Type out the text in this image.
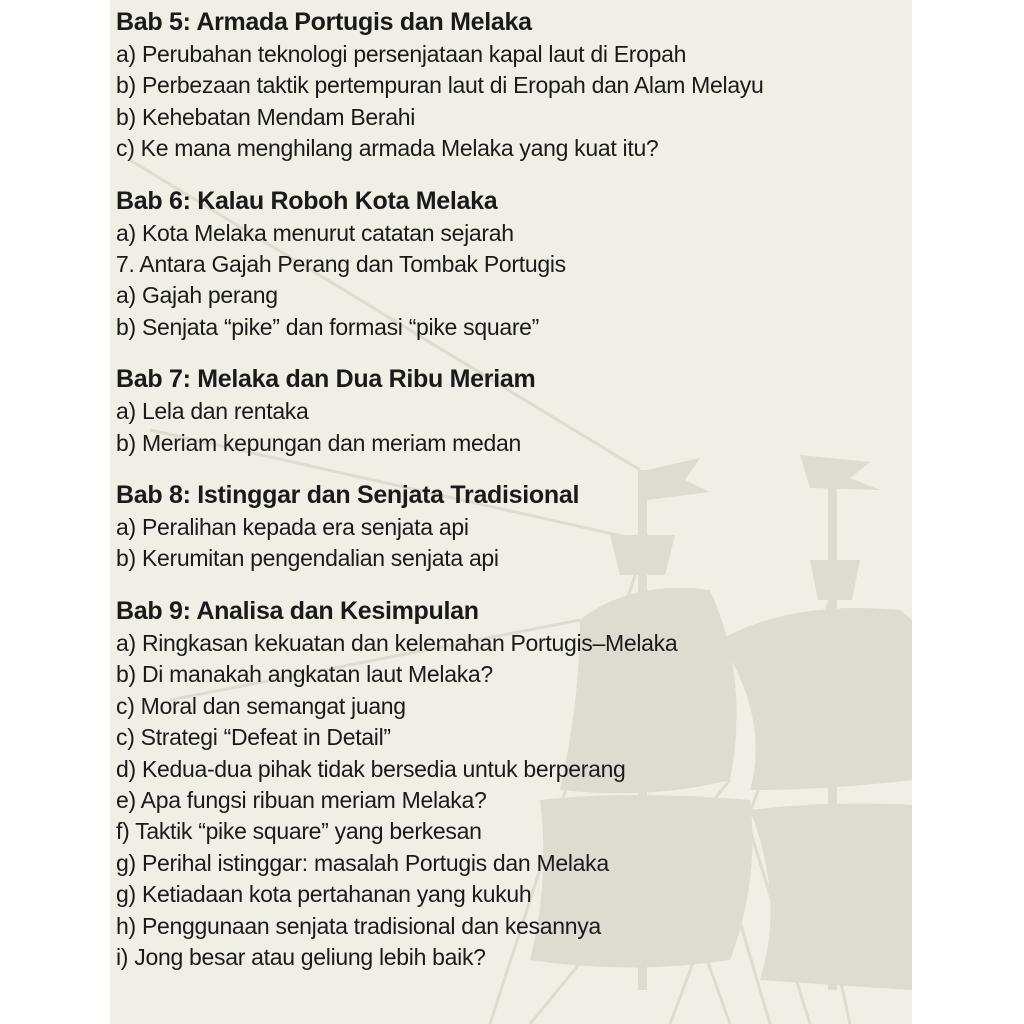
Bab 5: Armada Portugis dan Melaka
a) Perubahan teknologi persenjataan kapal laut di Eropah
b) Perbezaan taktik pertempuran laut di Eropah dan Alam Melayu
b) Kehebatan Mendam Berahi
c) Ke mana menghilang armada Melaka yang kuat itu?
Bab 6: Kalau Roboh Kota Melaka
a) Kota Melaka menurut catatan sejarah
7. Antara Gajah Perang dan Tombak Portugis
a) Gajah perang
b) Senjata “pike” dan formasi “pike square”
Bab 7: Melaka dan Dua Ribu Meriam
a) Lela dan rentaka
b) Meriam kepungan dan meriam medan
Bab 8: Istinggar dan Senjata Tradisional
a) Peralihan kepada era senjata api
b) Kerumitan pengendalian senjata api
Bab 9: Analisa dan Kesimpulan
a) Ringkasan kekuatan dan kelemahan Portugis–Melaka
b) Di manakah angkatan laut Melaka?
c) Moral dan semangat juang
c) Strategi “Defeat in Detail”
d) Kedua-dua pihak tidak bersedia untuk berperang
e) Apa fungsi ribuan meriam Melaka?
f) Taktik “pike square” yang berkesan
g) Perihal istinggar: masalah Portugis dan Melaka
g) Ketiadaan kota pertahanan yang kukuh
h) Penggunaan senjata tradisional dan kesannya
i) Jong besar atau geliung lebih baik?
